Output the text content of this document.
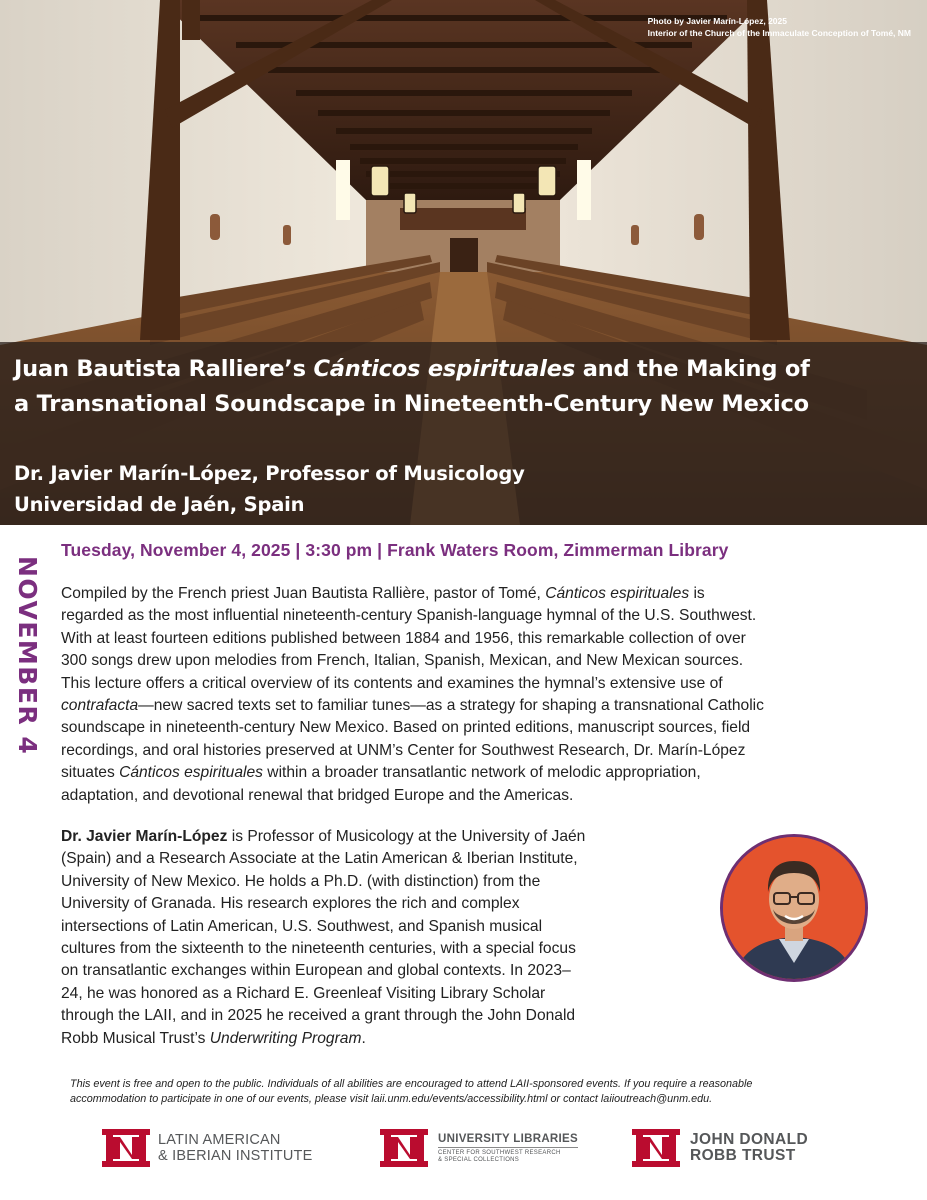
Photo by Javier Marín-López, 2025
Interior of the Church of the Immaculate Conception of Tomé, NM
Juan Bautista Ralliere’s Cánticos espirituales and the Making of
a Transnational Soundscape in Nineteenth-Century New Mexico
Dr. Javier Marín-López, Professor of Musicology
Universidad de Jaén, Spain
NOVEMBER 4
Tuesday, November 4, 2025 | 3:30 pm | Frank Waters Room, Zimmerman Library
Compiled by the French priest Juan Bautista Rallière, pastor of Tomé, Cánticos espirituales is
regarded as the most influential nineteenth-century Spanish-language hymnal of the U.S. Southwest.
With at least fourteen editions published between 1884 and 1956, this remarkable collection of over
300 songs drew upon melodies from French, Italian, Spanish, Mexican, and New Mexican sources.
This lecture offers a critical overview of its contents and examines the hymnal’s extensive use of
contrafacta—new sacred texts set to familiar tunes—as a strategy for shaping a transnational Catholic
soundscape in nineteenth-century New Mexico. Based on printed editions, manuscript sources, field
recordings, and oral histories preserved at UNM’s Center for Southwest Research, Dr. Marín-López
situates Cánticos espirituales within a broader transatlantic network of melodic appropriation,
adaptation, and devotional renewal that bridged Europe and the Americas.
Dr. Javier Marín-López is Professor of Musicology at the University of Jaén
(Spain) and a Research Associate at the Latin American & Iberian Institute,
University of New Mexico. He holds a Ph.D. (with distinction) from the
University of Granada. His research explores the rich and complex
intersections of Latin American, U.S. Southwest, and Spanish musical
cultures from the sixteenth to the nineteenth centuries, with a special focus
on transatlantic exchanges within European and global contexts. In 2023–
24, he was honored as a Richard E. Greenleaf Visiting Library Scholar
through the LAII, and in 2025 he received a grant through the John Donald
Robb Musical Trust’s Underwriting Program.
This event is free and open to the public. Individuals of all abilities are encouraged to attend LAII-sponsored events. If you require a reasonable
accommodation to participate in one of our events, please visit laii.unm.edu/events/accessibility.html or contact laiioutreach@unm.edu.
LATIN AMERICAN
& IBERIAN INSTITUTE
UNIVERSITY LIBRARIES
CENTER FOR SOUTHWEST RESEARCH
& SPECIAL COLLECTIONS
JOHN DONALD
ROBB TRUST
